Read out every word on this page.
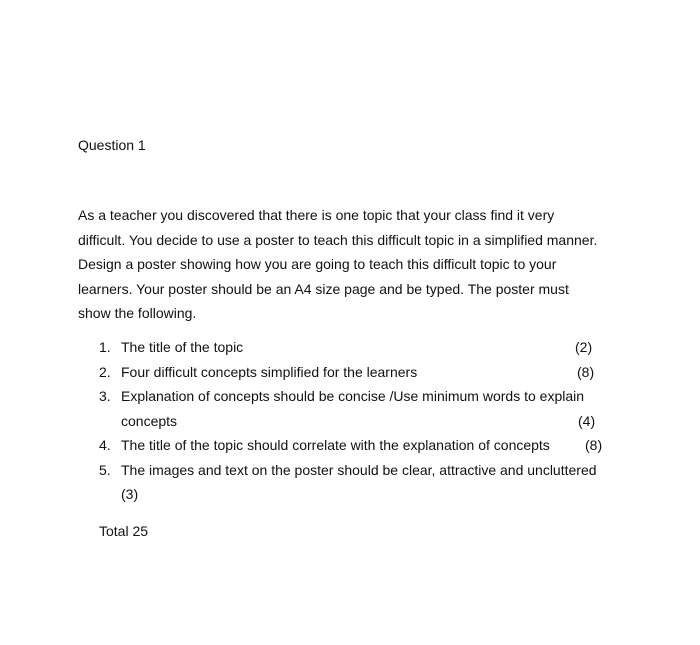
Question 1
As a teacher you discovered that there is one topic that your class find it very
difficult. You decide to use a poster to teach this difficult topic in a simplified manner.
Design a poster showing how you are going to teach this difficult topic to your
learners. Your poster should be an A4 size page and be typed. The poster must
show the following.
1. The title of the topic	(2)
2. Four difficult concepts simplified for the learners	(8)
3. Explanation of concepts should be concise /Use minimum words to explain
concepts	(4)
4. The title of the topic should correlate with the explanation of concepts	(8)
5. The images and text on the poster should be clear, attractive and uncluttered
(3)
Total 25
